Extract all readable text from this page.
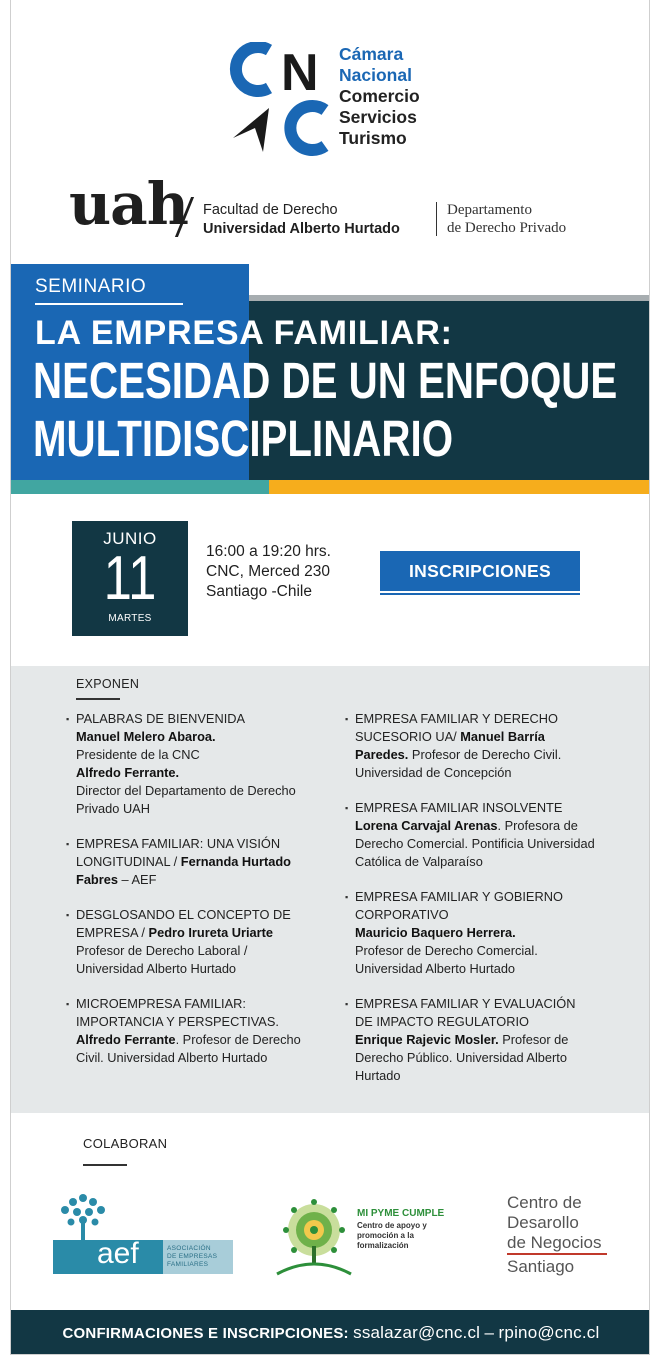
N Cámara
Nacional
Comercio
Servicios
Turismo
uah Facultad de Derecho
Universidad Alberto Hurtado
Departamento
de Derecho Privado
SEMINARIO
LA EMPRESA FAMILIAR:
NECESIDAD DE UN ENFOQUE
MULTIDISCIPLINARIO
JUNIO
11
MARTES
16:00 a 19:20 hrs.
CNC, Merced 230
Santiago -Chile
INSCRIPCIONES
EXPONEN
▪ PALABRAS DE BIENVENIDA
Manuel Melero Abaroa.
Presidente de la CNC
Alfredo Ferrante.
Director del Departamento de Derecho Privado UAH
▪ EMPRESA FAMILIAR: UNA VISIÓN LONGITUDINAL / Fernanda Hurtado Fabres – AEF
▪ DESGLOSANDO EL CONCEPTO DE EMPRESA / Pedro Irureta Uriarte Profesor de Derecho Laboral / Universidad Alberto Hurtado
▪ MICROEMPRESA FAMILIAR: IMPORTANCIA Y PERSPECTIVAS.
Alfredo Ferrante. Profesor de Derecho Civil. Universidad Alberto Hurtado
▪ EMPRESA FAMILIAR Y DERECHO SUCESORIO UA/ Manuel Barría Paredes. Profesor de Derecho Civil. Universidad de Concepción
▪ EMPRESA FAMILIAR INSOLVENTE
Lorena Carvajal Arenas. Profesora de Derecho Comercial. Pontificia Universidad Católica de Valparaíso
▪ EMPRESA FAMILIAR Y GOBIERNO CORPORATIVO
Mauricio Baquero Herrera.
Profesor de Derecho Comercial. Universidad Alberto Hurtado
▪ EMPRESA FAMILIAR Y EVALUACIÓN DE IMPACTO REGULATORIO
Enrique Rajevic Mosler. Profesor de Derecho Público. Universidad Alberto Hurtado
COLABORAN
aef	ASOCIACIÓN
DE EMPRESAS
FAMILIARES
MI PYME CUMPLE
Centro de apoyo y
promoción a la
formalización
Centro de
Desarollo
de Negocios
Santiago
CONFIRMACIONES E INSCRIPCIONES: ssalazar@cnc.cl – rpino@cnc.cl
